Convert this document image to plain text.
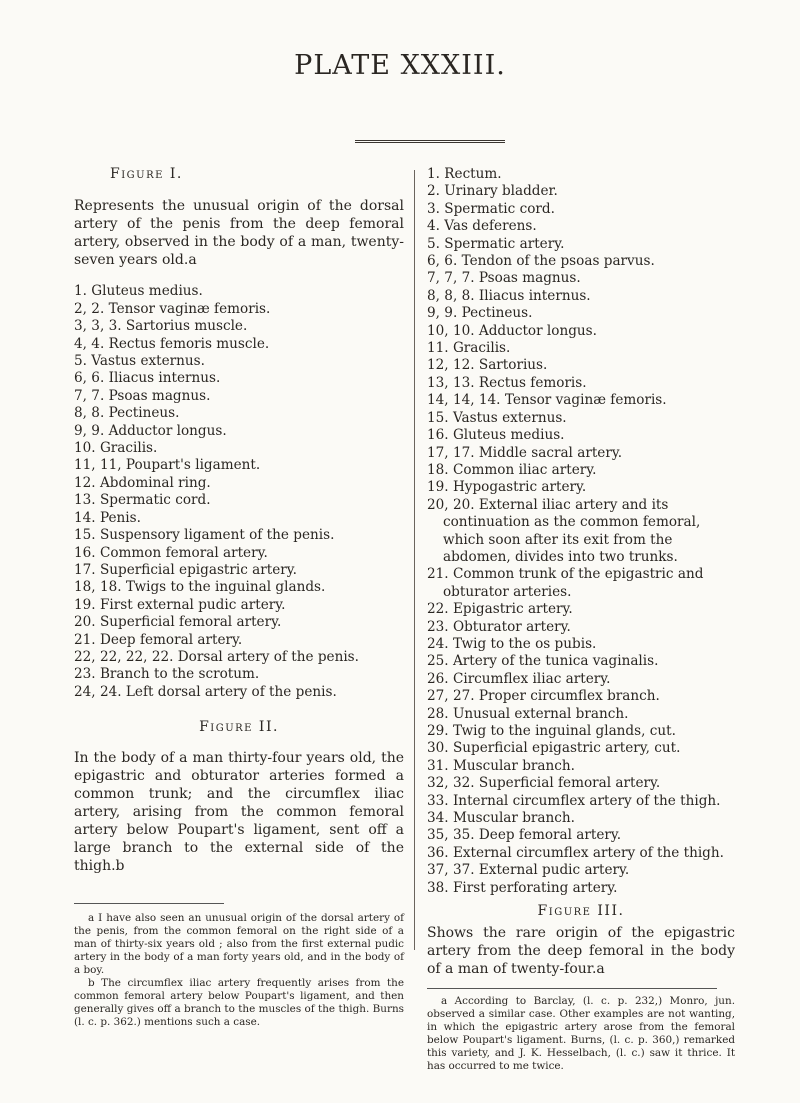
PLATE XXXIII.

Figure I.

Represents the unusual origin of the dorsal artery of the penis from the deep femoral artery, observed in the body of a man, twenty-seven years old.a

1. Gluteus medius.
2, 2. Tensor vaginæ femoris.
3, 3, 3. Sartorius muscle.
4, 4. Rectus femoris muscle.
5. Vastus externus.
6, 6. Iliacus internus.
7, 7. Psoas magnus.
8, 8. Pectineus.
9, 9. Adductor longus.
10. Gracilis.
11, 11, Poupart's ligament.
12. Abdominal ring.
13. Spermatic cord.
14. Penis.
15. Suspensory ligament of the penis.
16. Common femoral artery.
17. Superficial epigastric artery.
18, 18. Twigs to the inguinal glands.
19. First external pudic artery.
20. Superficial femoral artery.
21. Deep femoral artery.
22, 22, 22, 22. Dorsal artery of the penis.
23. Branch to the scrotum.
24, 24. Left dorsal artery of the penis.

Figure II.

In the body of a man thirty-four years old, the epigastric and obturator arteries formed a common trunk; and the circumflex iliac artery, arising from the common femoral artery below Poupart's ligament, sent off a large branch to the external side of the thigh.b

a I have also seen an unusual origin of the dorsal artery of the penis, from the common femoral on the right side of a man of thirty-six years old ; also from the first external pudic artery in the body of a man forty years old, and in the body of a boy.

b The circumflex iliac artery frequently arises from the common femoral artery below Poupart's ligament, and then generally gives off a branch to the muscles of the thigh. Burns (l. c. p. 362.) mentions such a case.

1. Rectum.
2. Urinary bladder.
3. Spermatic cord.
4. Vas deferens.
5. Spermatic artery.
6, 6. Tendon of the psoas parvus.
7, 7, 7. Psoas magnus.
8, 8, 8. Iliacus internus.
9, 9. Pectineus.
10, 10. Adductor longus.
11. Gracilis.
12, 12. Sartorius.
13, 13. Rectus femoris.
14, 14, 14. Tensor vaginæ femoris.
15. Vastus externus.
16. Gluteus medius.
17, 17. Middle sacral artery.
18. Common iliac artery.
19. Hypogastric artery.
20, 20. External iliac artery and its continuation as the common femoral, which soon after its exit from the abdomen, divides into two trunks.
21. Common trunk of the epigastric and obturator arteries.
22. Epigastric artery.
23. Obturator artery.
24. Twig to the os pubis.
25. Artery of the tunica vaginalis.
26. Circumflex iliac artery.
27, 27. Proper circumflex branch.
28. Unusual external branch.
29. Twig to the inguinal glands, cut.
30. Superficial epigastric artery, cut.
31. Muscular branch.
32, 32. Superficial femoral artery.
33. Internal circumflex artery of the thigh.
34. Muscular branch.
35, 35. Deep femoral artery.
36. External circumflex artery of the thigh.
37, 37. External pudic artery.
38. First perforating artery.

Figure III.

Shows the rare origin of the epigastric artery from the deep femoral in the body of a man of twenty-four.a

a According to Barclay, (l. c. p. 232,) Monro, jun. observed a similar case. Other examples are not wanting, in which the epigastric artery arose from the femoral below Poupart's ligament. Burns, (l. c. p. 360,) remarked this variety, and J. K. Hesselbach, (l. c.) saw it thrice. It has occurred to me twice.
